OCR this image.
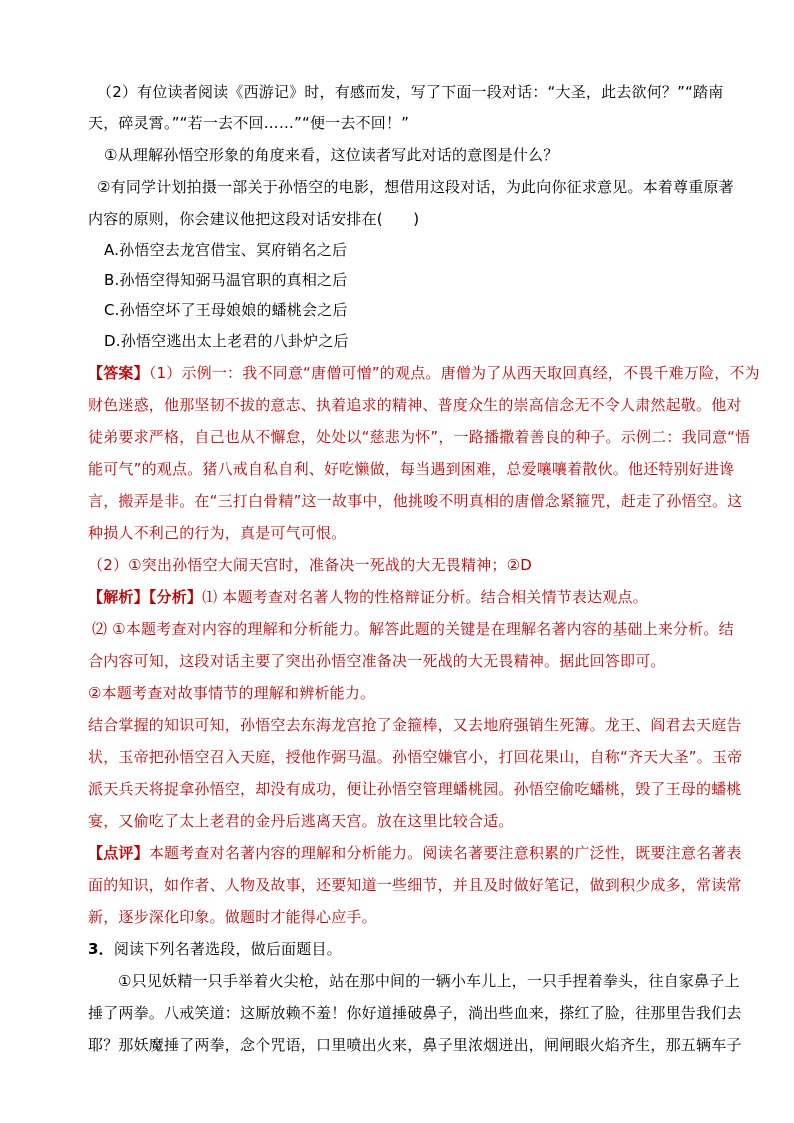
（2）有位读者阅读《西游记》时，有感而发，写了下面一段对话：“大圣，此去欲何？”“踏南
天，碎灵霄。”“若一去不回……”“便一去不回！”
①从理解孙悟空形象的角度来看，这位读者写此对话的意图是什么？
②有同学计划拍摄一部关于孙悟空的电影，想借用这段对话，为此向你征求意见。本着尊重原著
内容的原则，你会建议他把这段对话安排在(　　)
A.孙悟空去龙宫借宝、冥府销名之后
B.孙悟空得知弼马温官职的真相之后
C.孙悟空坏了王母娘娘的蟠桃会之后
D.孙悟空逃出太上老君的八卦炉之后
【答案】（1）示例一：我不同意“唐僧可憎”的观点。唐僧为了从西天取回真经，不畏千难万险，不为
财色迷惑，他那坚韧不拔的意志、执着追求的精神、普度众生的崇高信念无不令人肃然起敬。他对
徒弟要求严格，自己也从不懈怠，处处以“慈悲为怀”，一路播撒着善良的种子。示例二：我同意“悟
能可气”的观点。猪八戒自私自利、好吃懒做，每当遇到困难，总爱嚷嚷着散伙。他还特别好进谗
言，搬弄是非。在“三打白骨精”这一故事中，他挑唆不明真相的唐僧念紧箍咒，赶走了孙悟空。这
种损人不利己的行为，真是可气可恨。
（2）①突出孙悟空大闹天宫时，准备决一死战的大无畏精神；②D
【解析】【分析】⑴ 本题考查对名著人物的性格辩证分析。结合相关情节表达观点。
⑵ ①本题考查对内容的理解和分析能力。解答此题的关键是在理解名著内容的基础上来分析。结
合内容可知，这段对话主要了突出孙悟空准备决一死战的大无畏精神。据此回答即可。
②本题考查对故事情节的理解和辨析能力。
结合掌握的知识可知，孙悟空去东海龙宫抢了金箍棒，又去地府强销生死簿。龙王、阎君去天庭告
状，玉帝把孙悟空召入天庭，授他作弼马温。孙悟空嫌官小，打回花果山，自称“齐天大圣”。玉帝
派天兵天将捉拿孙悟空，却没有成功，便让孙悟空管理蟠桃园。孙悟空偷吃蟠桃，毁了王母的蟠桃
宴，又偷吃了太上老君的金丹后逃离天宫。放在这里比较合适。
【点评】本题考查对名著内容的理解和分析能力。阅读名著要注意积累的广泛性，既要注意名著表
面的知识，如作者、人物及故事，还要知道一些细节，并且及时做好笔记，做到积少成多，常读常
新，逐步深化印象。做题时才能得心应手。
3．阅读下列名著选段，做后面题目。
①只见妖精一只手举着火尖枪，站在那中间的一辆小车儿上，一只手捏着拳头，往自家鼻子上
捶了两拳。八戒笑道：这厮放赖不羞！你好道捶破鼻子，淌出些血来，搽红了脸，往那里告我们去
耶？那妖魔捶了两拳，念个咒语，口里喷出火来，鼻子里浓烟迸出，闸闸眼火焰齐生，那五辆车子
